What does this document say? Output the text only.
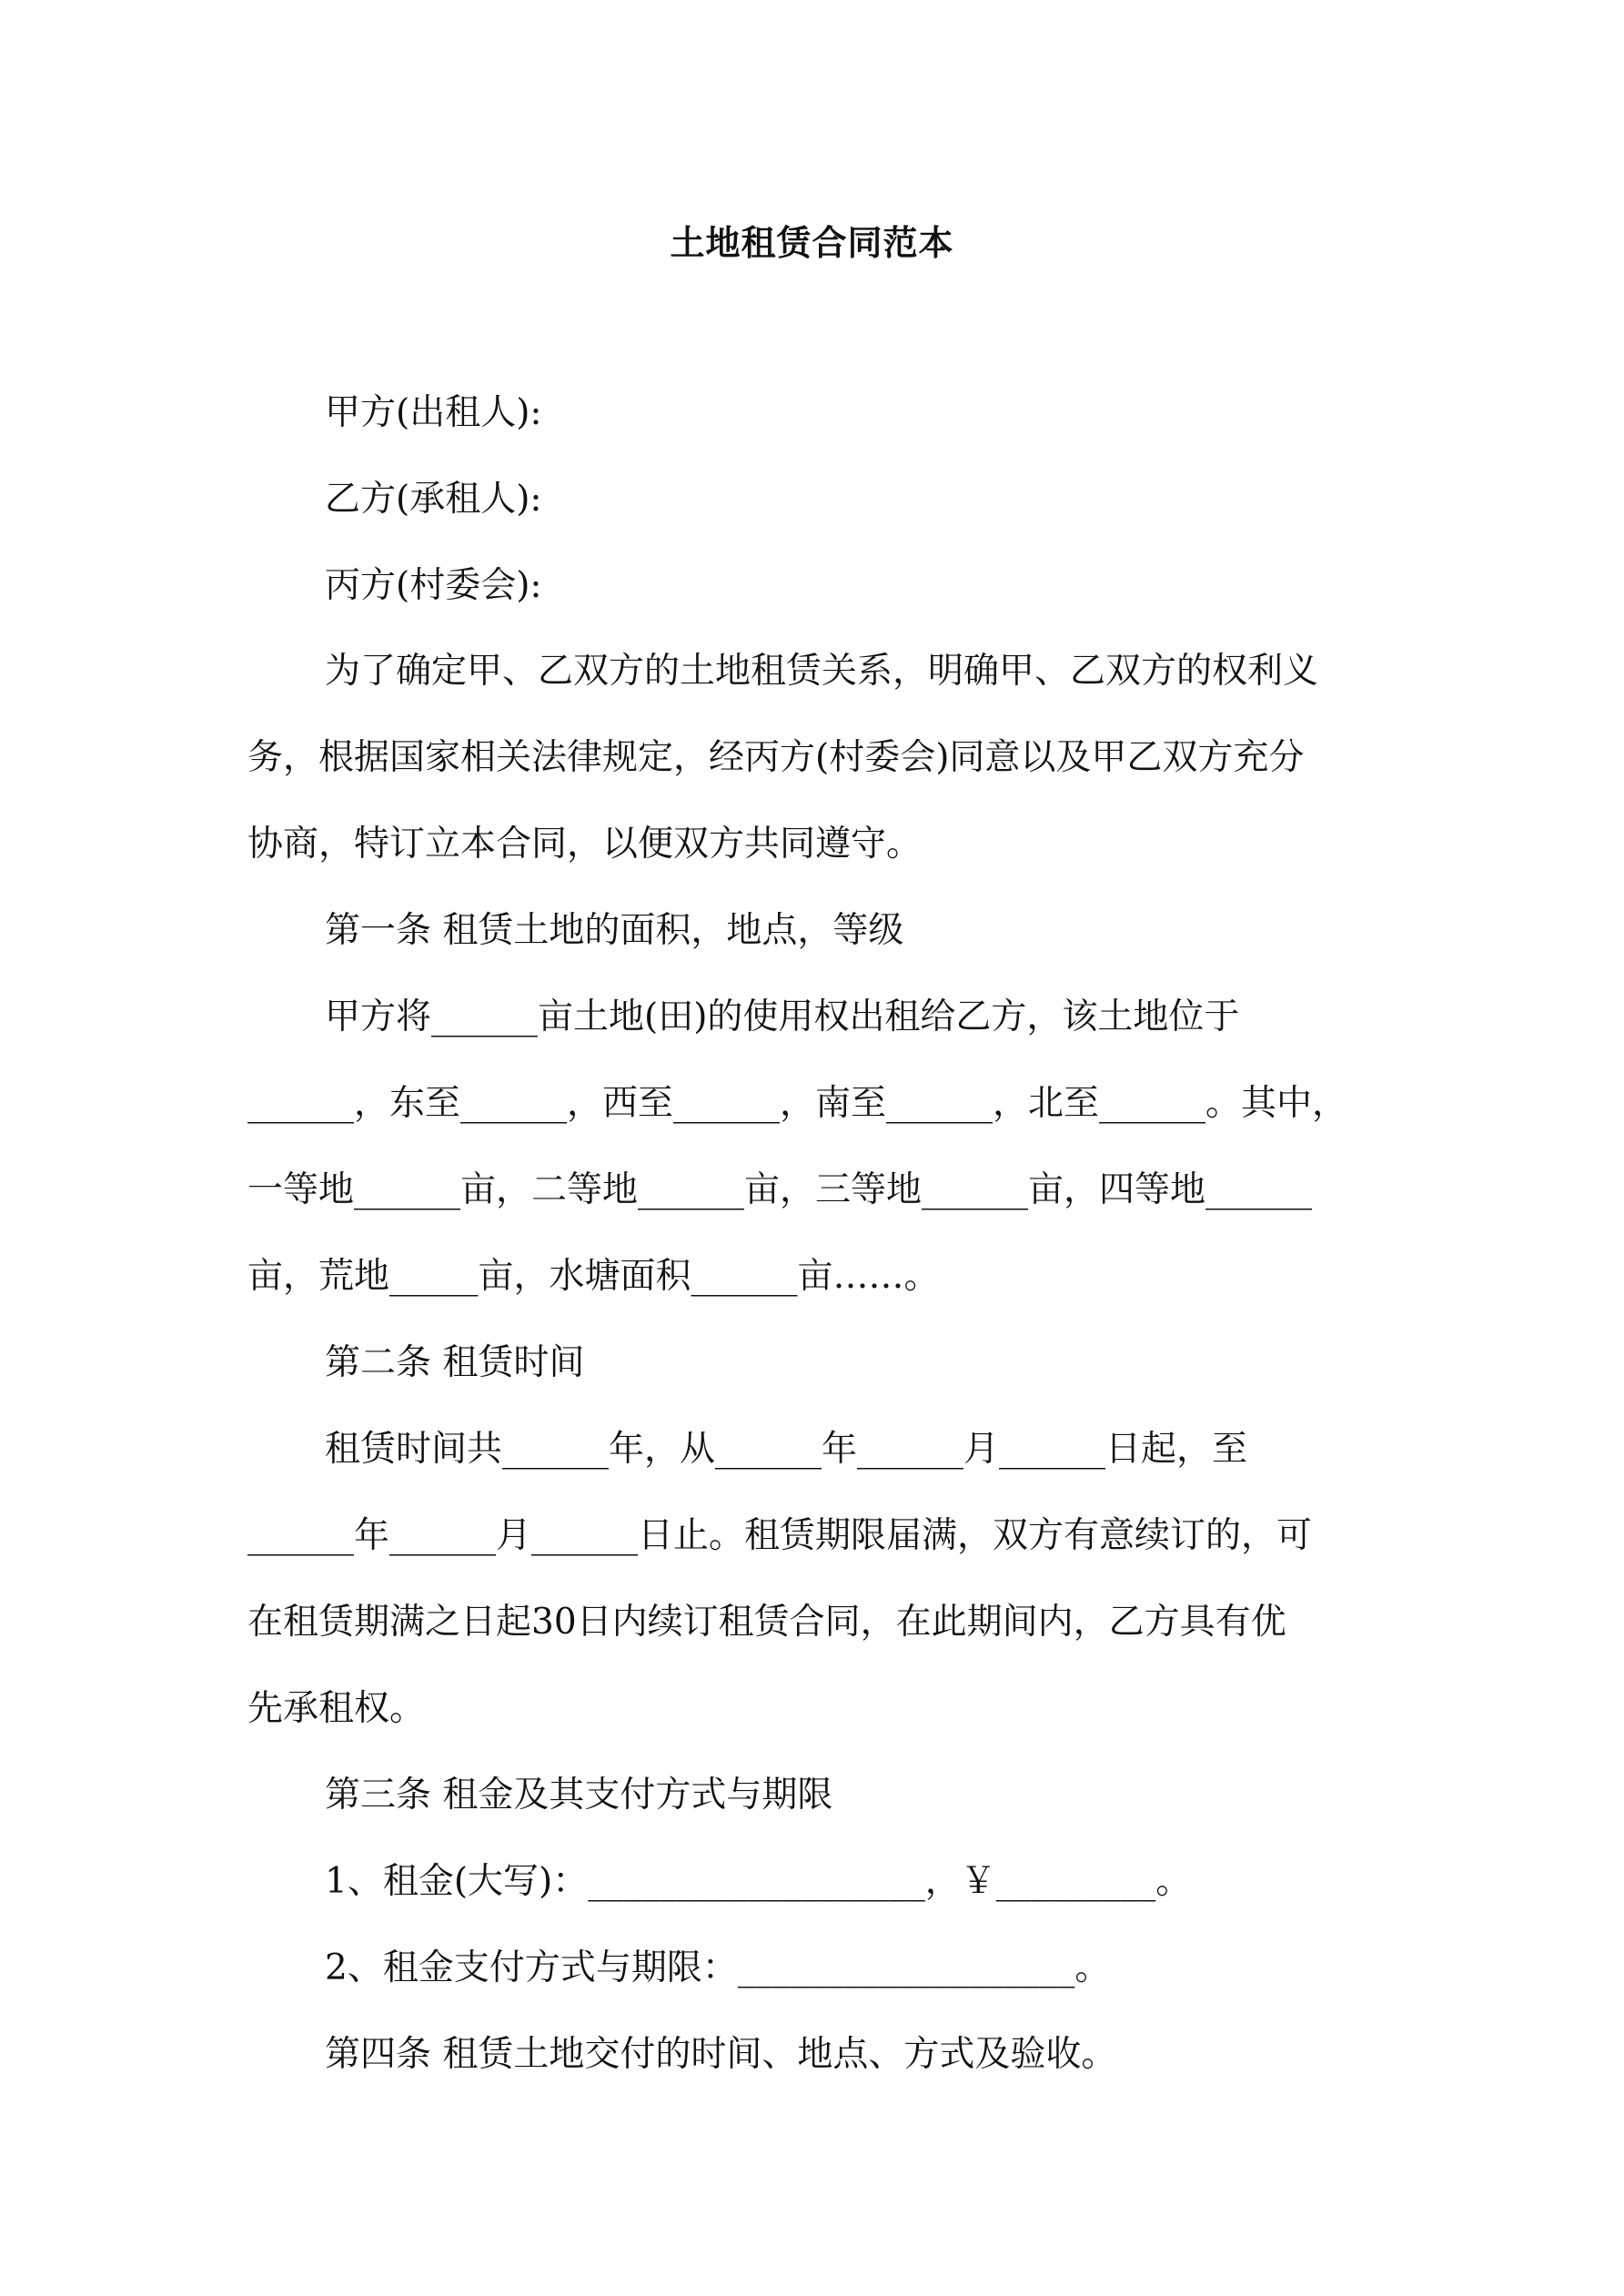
土地租赁合同范本
甲方(出租人):
乙方(承租人):
丙方(村委会):
为了确定甲、乙双方的土地租赁关系，明确甲、乙双方的权利义
务，根据国家相关法律规定，经丙方(村委会)同意以及甲乙双方充分
协商，特订立本合同，以便双方共同遵守。
第一条 租赁土地的面积，地点，等级
甲方将______亩土地(田)的使用权出租给乙方，该土地位于
______，东至______，西至______，南至______，北至______。其中，
一等地______亩，二等地______亩，三等地______亩，四等地______
亩，荒地_____亩，水塘面积______亩……。
第二条 租赁时间
租赁时间共______年，从______年______月______日起，至
______年______月______日止。租赁期限届满，双方有意续订的，可
在租赁期满之日起30日内续订租赁合同，在此期间内，乙方具有优
先承租权。
第三条 租金及其支付方式与期限
1、租金(大写)：___________________，￥_________。
2、租金支付方式与期限：___________________。
第四条 租赁土地交付的时间、地点、方式及验收。
